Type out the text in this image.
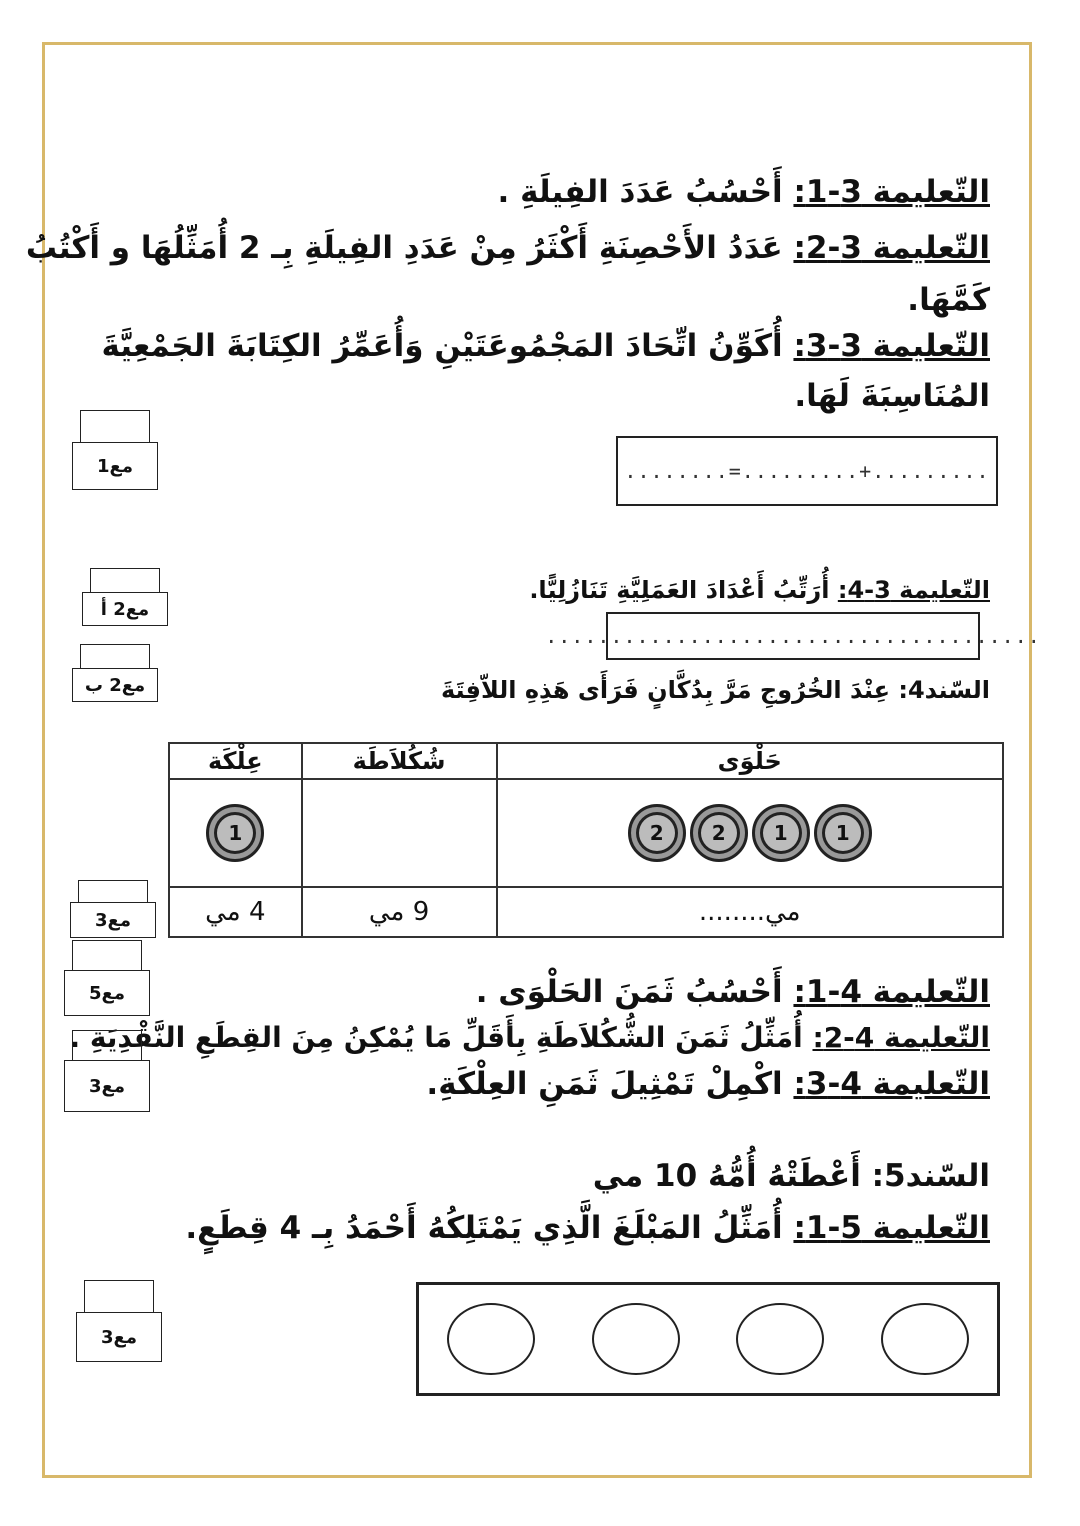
التّعليمة 3-1: أَحْسُبُ عَدَدَ الفِيلَةِ .
التّعليمة 3-2: عَدَدُ الأَحْصِنَةِ أَكْثَرُ مِنْ عَدَدِ الفِيلَةِ بِـ 2 أُمَثِّلُهَا و أَكْتُبُ
كَمَّهَا.
التّعليمة 3-3: أُكَوِّنُ اتِّحَادَ المَجْمُوعَتَيْنِ وَأُعَمِّرُ الكِتَابَةَ الجَمْعِيَّةَ
المُنَاسِبَةَ لَهَا.
........=.........+.........
التّعليمة 3-4: أُرَتِّبُ أَعْدَادَ العَمَلِيَّةِ تَنَازُلِيًّا.
......................................
السّند4: عِنْدَ الخُرُوجِ مَرَّ بِدُكَّانٍ فَرَأَى هَذِهِ اللاّفِتَةَ
عِلْكَة	شُكُلاَطَة	حَلْوَى
1		2 2 1 1
4 مي	9 مي	مي........
التّعليمة 4-1: أَحْسُبُ ثَمَنَ الحَلْوَى .
التّعليمة 4-2: أُمَثِّلُ ثَمَنَ الشُّكُلاَطَةِ بِأَقَلِّ مَا يُمْكِنُ مِنَ القِطَعِ النَّقْدِيَةِ .
التّعليمة 4-3: اكْمِلْ تَمْثِيلَ ثَمَنِ العِلْكَةِ.
السّند5: أَعْطَتْهُ أُمُّهُ 10 مي
التّعليمة 5-1: أُمَثِّلُ المَبْلَغَ الَّذِي يَمْتَلِكُهُ أَحْمَدُ بِـ 4 قِطَعٍ.
مع1
مع2 أ
مع2 ب
مع3
مع5
مع3
مع3
